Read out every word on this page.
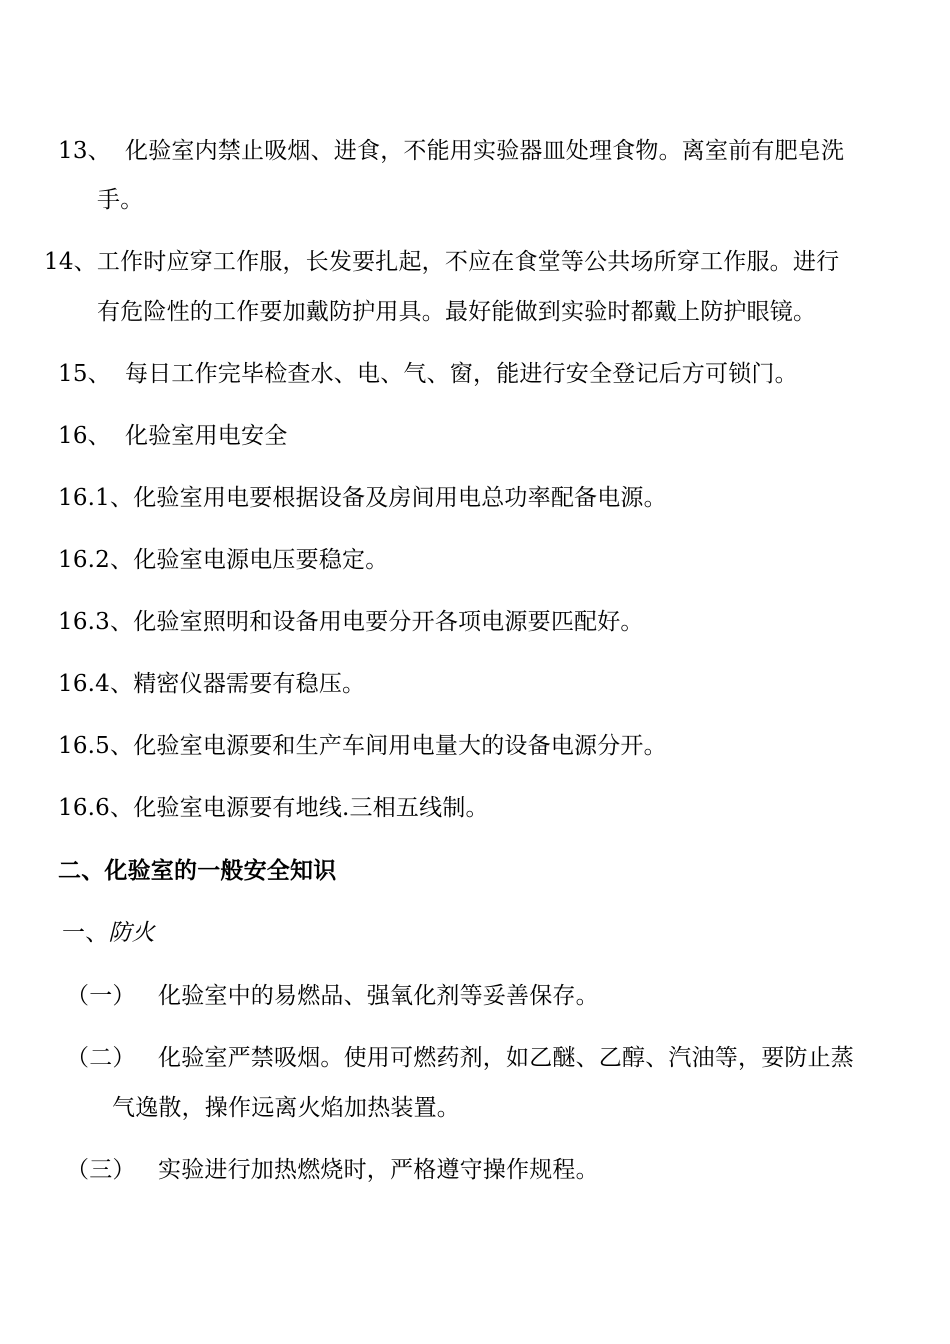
13、 化验室内禁止吸烟、进食，不能用实验器皿处理食物。离室前有肥皂洗
手。
14、工作时应穿工作服，长发要扎起，不应在食堂等公共场所穿工作服。进行
有危险性的工作要加戴防护用具。最好能做到实验时都戴上防护眼镜。
15、 每日工作完毕检查水、电、气、窗，能进行安全登记后方可锁门。
16、 化验室用电安全
16.1、化验室用电要根据设备及房间用电总功率配备电源。
16.2、化验室电源电压要稳定。
16.3、化验室照明和设备用电要分开各项电源要匹配好。
16.4、精密仪器需要有稳压。
16.5、化验室电源要和生产车间用电量大的设备电源分开。
16.6、化验室电源要有地线.三相五线制。
二、化验室的一般安全知识
一、防火
（一） 化验室中的易燃品、强氧化剂等妥善保存。
（二） 化验室严禁吸烟。使用可燃药剂，如乙醚、乙醇、汽油等，要防止蒸
气逸散，操作远离火焰加热装置。
（三） 实验进行加热燃烧时，严格遵守操作规程。
